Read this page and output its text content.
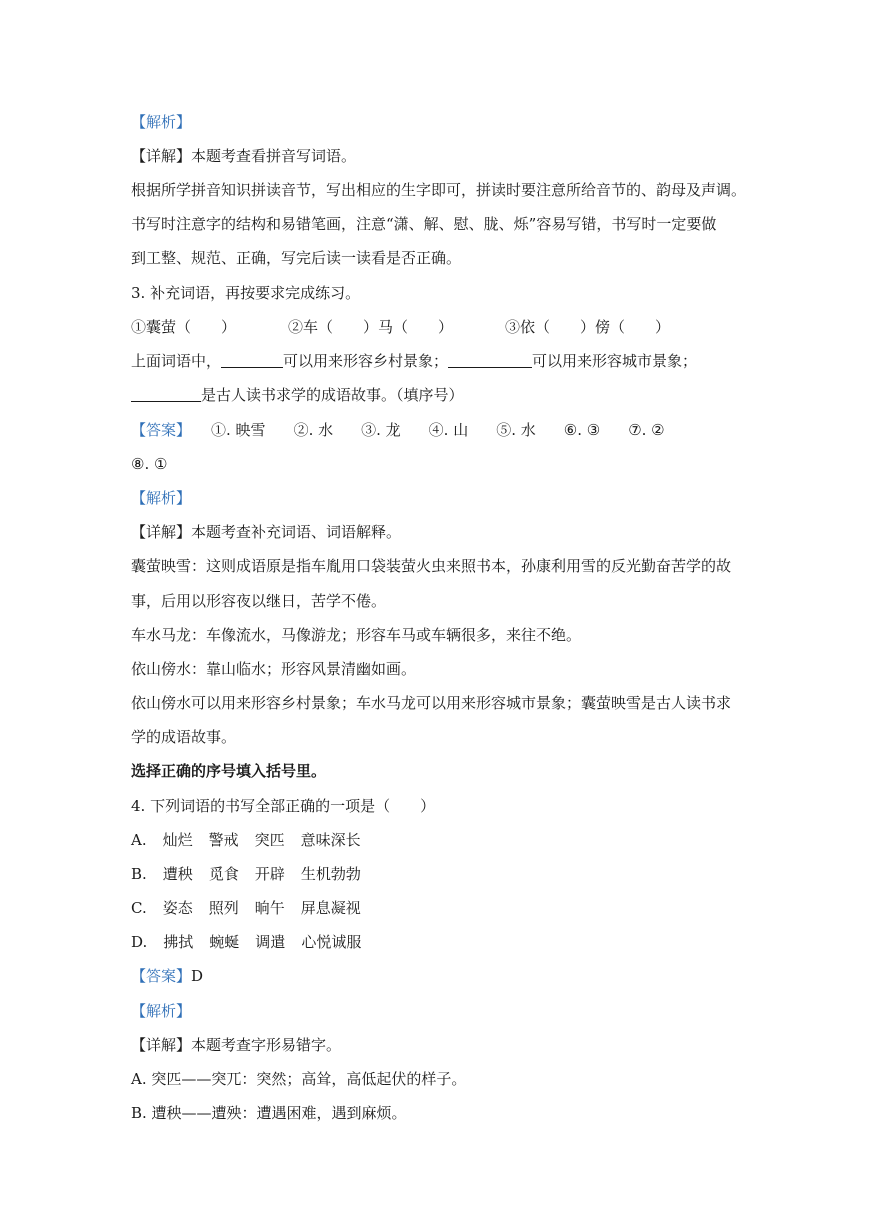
【解析】
【详解】本题考查看拼音写词语。
根据所学拼音知识拼读音节，写出相应的生字即可，拼读时要注意所给音节的、韵母及声调。
书写时注意字的结构和易错笔画，注意“潇、解、慰、胧、烁”容易写错，书写时一定要做
到工整、规范、正确，写完后读一读看是否正确。
3. 补充词语，再按要求完成练习。
①囊萤（　　）	②车（　　）马（　　）	③依（　　）傍（　　）
上面词语中，	可以用来形容乡村景象；	可以用来形容城市景象；
是古人读书求学的成语故事。（填序号）
【答案】 ①. 映雪 ②. 水 ③. 龙 ④. 山 ⑤. 水 ⑥. ③ ⑦. ②
⑧. ①
【解析】
【详解】本题考查补充词语、词语解释。
囊萤映雪：这则成语原是指车胤用口袋装萤火虫来照书本，孙康利用雪的反光勤奋苦学的故
事，后用以形容夜以继日，苦学不倦。
车水马龙：车像流水，马像游龙；形容车马或车辆很多，来往不绝。
依山傍水：靠山临水；形容风景清幽如画。
依山傍水可以用来形容乡村景象；车水马龙可以用来形容城市景象；囊萤映雪是古人读书求
学的成语故事。
选择正确的序号填入括号里。
4. 下列词语的书写全部正确的一项是（　　）
A. 灿烂 警戒 突匹 意味深长
B. 遭秧 觅食 开辟 生机勃勃
C. 姿态 照列 晌午 屏息凝视
D. 拂拭 蜿蜒 调遣 心悦诚服
【答案】D
【解析】
【详解】本题考查字形易错字。
A. 突匹——突兀：突然；高耸，高低起伏的样子。
B. 遭秧——遭殃：遭遇困难，遇到麻烦。
